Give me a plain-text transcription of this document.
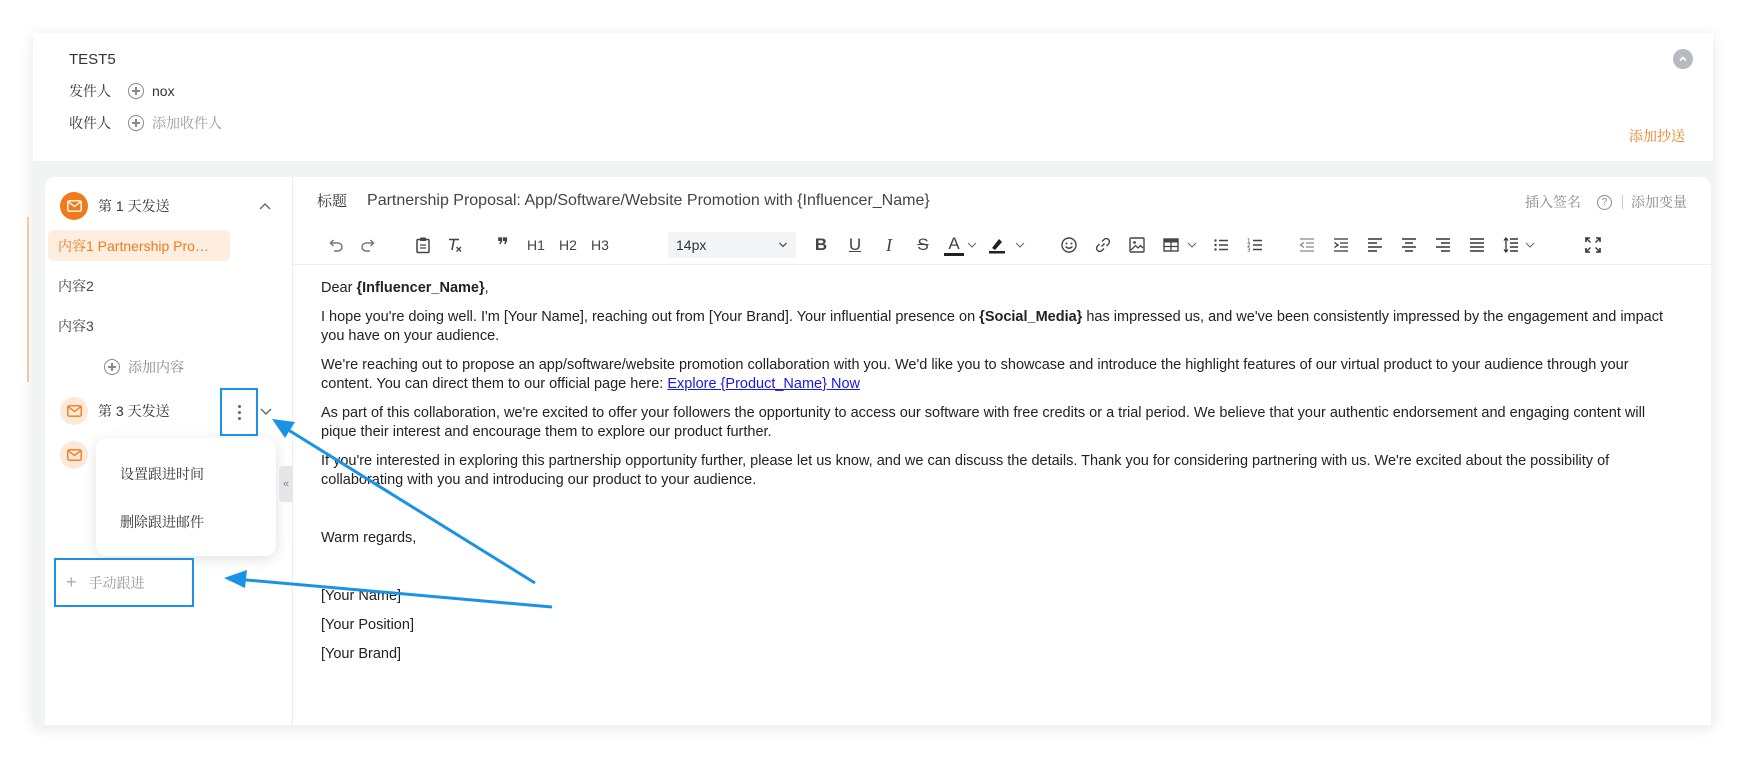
TEST5
发件人	nox
收件人	添加收件人
添加抄送
第 1 天发送
内容1 Partnership Pro…
内容2
内容3
添加内容
第 3 天发送
设置跟进时间
删除跟进邮件
«
+ 手动跟进
标题 Partnership Proposal: App/Software/Website Promotion with {Influencer_Name}	插入签名	?	添加变量
❞	H1	H2	H3	14px	B	U	I	S	A	1
2
3

Dear {Influencer_Name},

I hope you're doing well. I'm [Your Name], reaching out from [Your Brand]. Your influential presence on {Social_Media} has impressed us, and we've been consistently impressed by the engagement and impact you have on your audience.

We're reaching out to propose an app/software/website promotion collaboration with you. We'd like you to showcase and introduce the highlight features of our virtual product to your audience through your content. You can direct them to our official page here: Explore {Product_Name} Now

As part of this collaboration, we're excited to offer your followers the opportunity to access our software with free credits or a trial period. We believe that your authentic endorsement and engaging content will pique their interest and encourage them to explore our product further.

If you're interested in exploring this partnership opportunity further, please let us know, and we can discuss the details. Thank you for considering partnering with us. We're excited about the possibility of collaborating with you and introducing our product to your audience.

Warm regards,

[Your Name]

[Your Position]

[Your Brand]
